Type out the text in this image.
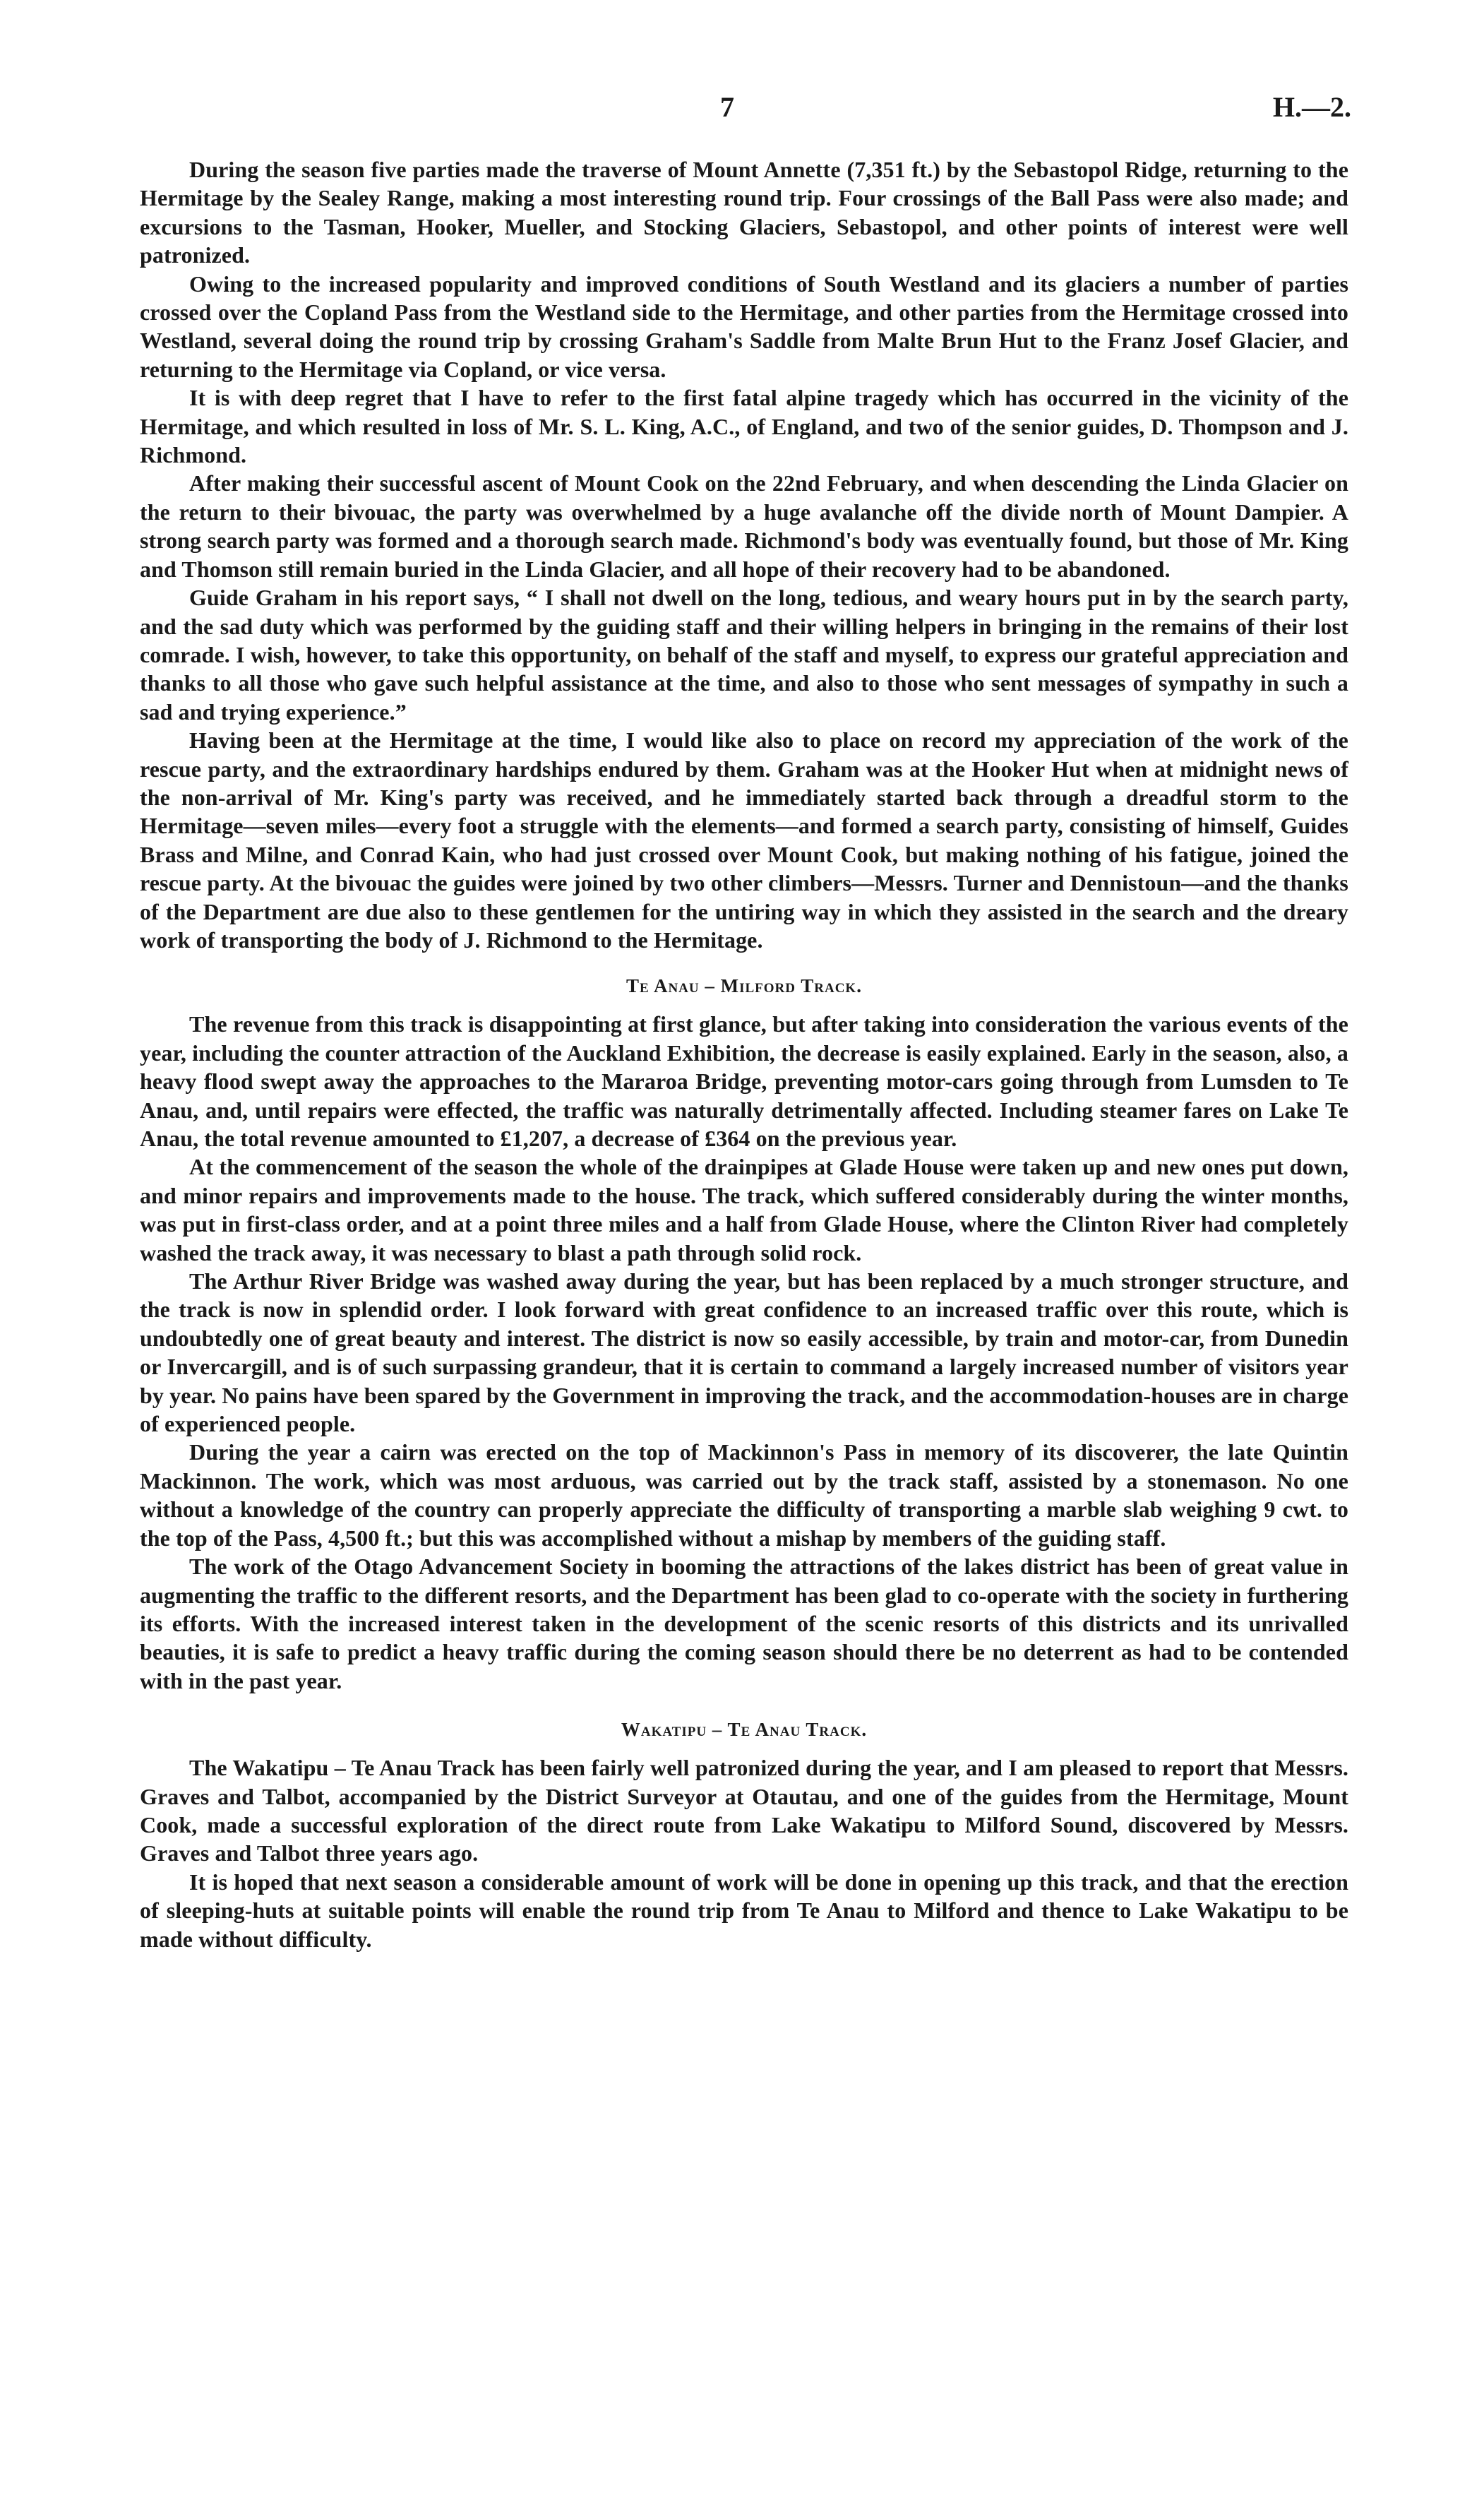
7	H.—2.

During the season five parties made the traverse of Mount Annette (7,351 ft.) by the Sebastopol Ridge, returning to the Hermitage by the Sealey Range, making a most interesting round trip. Four crossings of the Ball Pass were also made; and excursions to the Tasman, Hooker, Mueller, and Stocking Glaciers, Sebastopol, and other points of interest were well patronized.

Owing to the increased popularity and improved conditions of South Westland and its glaciers a number of parties crossed over the Copland Pass from the Westland side to the Hermitage, and other parties from the Hermitage crossed into Westland, several doing the round trip by crossing Graham's Saddle from Malte Brun Hut to the Franz Josef Glacier, and returning to the Hermitage via Copland, or vice versa.

It is with deep regret that I have to refer to the first fatal alpine tragedy which has occurred in the vicinity of the Hermitage, and which resulted in loss of Mr. S. L. King, A.C., of England, and two of the senior guides, D. Thompson and J. Richmond.

After making their successful ascent of Mount Cook on the 22nd February, and when descending the Linda Glacier on the return to their bivouac, the party was overwhelmed by a huge avalanche off the divide north of Mount Dampier. A strong search party was formed and a thorough search made. Richmond's body was eventually found, but those of Mr. King and Thomson still remain buried in the Linda Glacier, and all hope of their recovery had to be abandoned.

Guide Graham in his report says, “ I shall not dwell on the long, tedious, and weary hours put in by the search party, and the sad duty which was performed by the guiding staff and their willing helpers in bringing in the remains of their lost comrade. I wish, however, to take this opportunity, on behalf of the staff and myself, to express our grateful appreciation and thanks to all those who gave such helpful assistance at the time, and also to those who sent messages of sympathy in such a sad and trying experience.”

Having been at the Hermitage at the time, I would like also to place on record my appreciation of the work of the rescue party, and the extraordinary hardships endured by them. Graham was at the Hooker Hut when at midnight news of the non-arrival of Mr. King's party was received, and he immediately started back through a dreadful storm to the Hermitage—seven miles—every foot a struggle with the elements—and formed a search party, consisting of himself, Guides Brass and Milne, and Conrad Kain, who had just crossed over Mount Cook, but making nothing of his fatigue, joined the rescue party. At the bivouac the guides were joined by two other climbers—Messrs. Turner and Dennistoun—and the thanks of the Department are due also to these gentlemen for the untiring way in which they assisted in the search and the dreary work of transporting the body of J. Richmond to the Hermitage.

Te Anau – Milford Track.

The revenue from this track is disappointing at first glance, but after taking into consideration the various events of the year, including the counter attraction of the Auckland Exhibition, the decrease is easily explained. Early in the season, also, a heavy flood swept away the approaches to the Mararoa Bridge, preventing motor-cars going through from Lumsden to Te Anau, and, until repairs were effected, the traffic was naturally detrimentally affected. Including steamer fares on Lake Te Anau, the total revenue amounted to £1,207, a decrease of £364 on the previous year.

At the commencement of the season the whole of the drainpipes at Glade House were taken up and new ones put down, and minor repairs and improvements made to the house. The track, which suffered considerably during the winter months, was put in first-class order, and at a point three miles and a half from Glade House, where the Clinton River had completely washed the track away, it was necessary to blast a path through solid rock.

The Arthur River Bridge was washed away during the year, but has been replaced by a much stronger structure, and the track is now in splendid order. I look forward with great confidence to an increased traffic over this route, which is undoubtedly one of great beauty and interest. The district is now so easily accessible, by train and motor-car, from Dunedin or Invercargill, and is of such surpassing grandeur, that it is certain to command a largely increased number of visitors year by year. No pains have been spared by the Government in improving the track, and the accommodation-houses are in charge of experienced people.

During the year a cairn was erected on the top of Mackinnon's Pass in memory of its discoverer, the late Quintin Mackinnon. The work, which was most arduous, was carried out by the track staff, assisted by a stonemason. No one without a knowledge of the country can properly appreciate the difficulty of transporting a marble slab weighing 9 cwt. to the top of the Pass, 4,500 ft.; but this was accomplished without a mishap by members of the guiding staff.

The work of the Otago Advancement Society in booming the attractions of the lakes district has been of great value in augmenting the traffic to the different resorts, and the Department has been glad to co-operate with the society in furthering its efforts. With the increased interest taken in the development of the scenic resorts of this districts and its unrivalled beauties, it is safe to predict a heavy traffic during the coming season should there be no deterrent as had to be contended with in the past year.

Wakatipu – Te Anau Track.

The Wakatipu – Te Anau Track has been fairly well patronized during the year, and I am pleased to report that Messrs. Graves and Talbot, accompanied by the District Surveyor at Otautau, and one of the guides from the Hermitage, Mount Cook, made a successful exploration of the direct route from Lake Wakatipu to Milford Sound, discovered by Messrs. Graves and Talbot three years ago.

It is hoped that next season a considerable amount of work will be done in opening up this track, and that the erection of sleeping-huts at suitable points will enable the round trip from Te Anau to Milford and thence to Lake Wakatipu to be made without difficulty.
